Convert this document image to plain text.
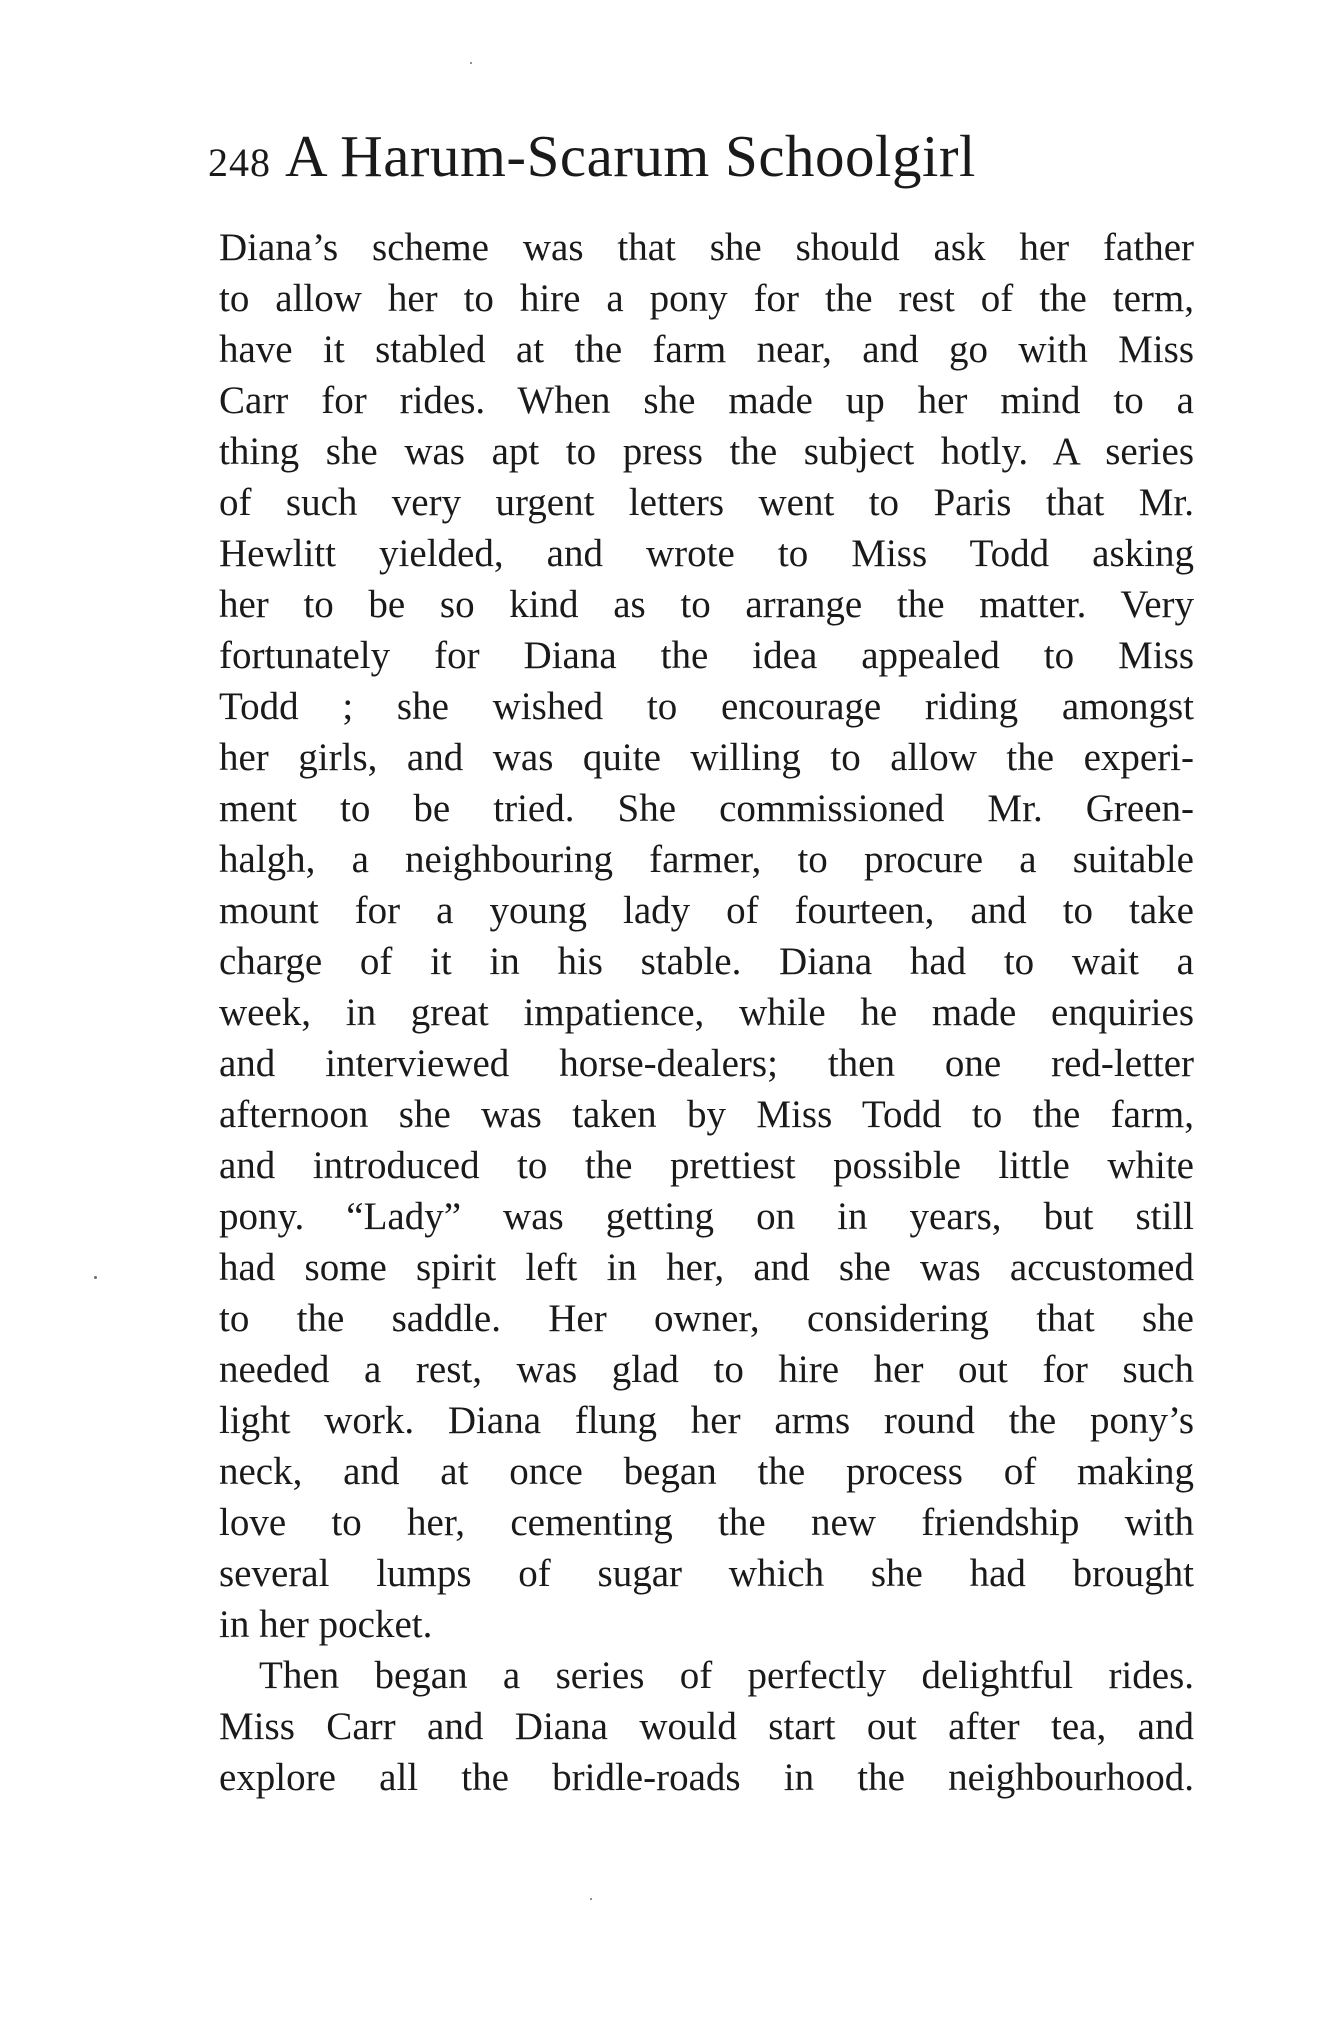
248 A Harum-Scarum Schoolgirl
Diana’s scheme was that she should ask her father
to allow her to hire a pony for the rest of the term,
have it stabled at the farm near, and go with Miss
Carr for rides. When she made up her mind to a
thing she was apt to press the subject hotly. A series
of such very urgent letters went to Paris that Mr.
Hewlitt yielded, and wrote to Miss Todd asking
her to be so kind as to arrange the matter. Very
fortunately for Diana the idea appealed to Miss
Todd ; she wished to encourage riding amongst
her girls, and was quite willing to allow the experi-
ment to be tried. She commissioned Mr. Green-
halgh, a neighbouring farmer, to procure a suitable
mount for a young lady of fourteen, and to take
charge of it in his stable. Diana had to wait a
week, in great impatience, while he made enquiries
and interviewed horse-dealers; then one red-letter
afternoon she was taken by Miss Todd to the farm,
and introduced to the prettiest possible little white
pony. “Lady” was getting on in years, but still
had some spirit left in her, and she was accustomed
to the saddle. Her owner, considering that she
needed a rest, was glad to hire her out for such
light work. Diana flung her arms round the pony’s
neck, and at once began the process of making
love to her, cementing the new friendship with
several lumps of sugar which she had brought
in her pocket.
Then began a series of perfectly delightful rides.
Miss Carr and Diana would start out after tea, and
explore all the bridle-roads in the neighbourhood.
